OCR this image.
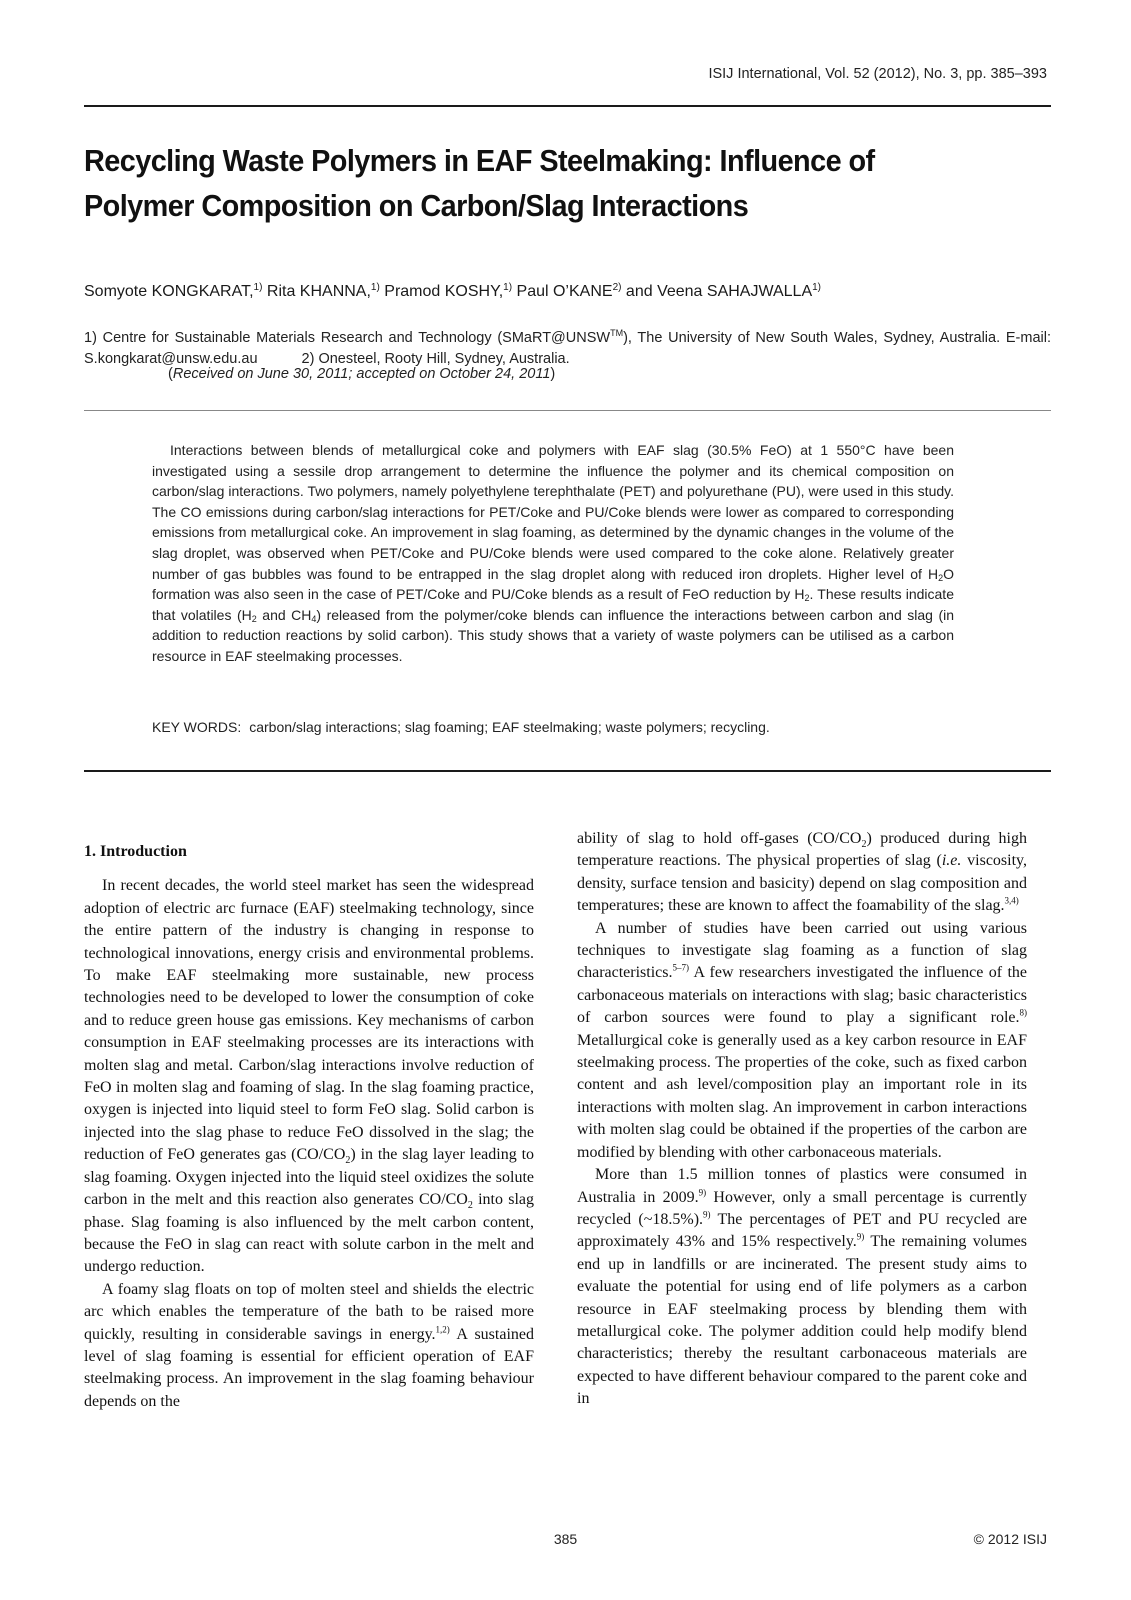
ISIJ International, Vol. 52 (2012), No. 3, pp. 385–393
Recycling Waste Polymers in EAF Steelmaking: Influence of
Polymer Composition on Carbon/Slag Interactions
Somyote KONGKARAT,$^{1)}$ Rita KHANNA,$^{1)}$ Pramod KOSHY,$^{1)}$ Paul O’KANE$^{2)}$ and Veena SAHAJWALLA$^{1)}$

1) Centre for Sustainable Materials Research and Technology (SMaRT@UNSW™), The University of New South Wales, Sydney, Australia. E-mail: S.kongkarat@unsw.edu.au	2) Onesteel, Rooty Hill, Sydney, Australia.

(Received on June 30, 2011; accepted on October 24, 2011)

Interactions between blends of metallurgical coke and polymers with EAF slag (30.5% FeO) at 1 550°C have been investigated using a sessile drop arrangement to determine the influence the polymer and its chemical composition on carbon/slag interactions. Two polymers, namely polyethylene terephthalate (PET) and polyurethane (PU), were used in this study. The CO emissions during carbon/slag interactions for PET/Coke and PU/Coke blends were lower as compared to corresponding emissions from metallurgical coke. An improvement in slag foaming, as determined by the dynamic changes in the volume of the slag droplet, was observed when PET/Coke and PU/Coke blends were used compared to the coke alone. Relatively greater number of gas bubbles was found to be entrapped in the slag droplet along with reduced iron droplets. Higher level of $H_2O$ formation was also seen in the case of PET/Coke and PU/Coke blends as a result of FeO reduction by $H_2$. These results indicate that volatiles ($H_2$ and $CH_4$) released from the polymer/coke blends can influence the interactions between carbon and slag (in addition to reduction reactions by solid carbon). This study shows that a variety of waste polymers can be utilised as a carbon resource in EAF steelmaking processes.

KEY WORDS: carbon/slag interactions; slag foaming; EAF steelmaking; waste polymers; recycling.
1. Introduction

In recent decades, the world steel market has seen the widespread adoption of electric arc furnace (EAF) steelmaking technology, since the entire pattern of the industry is changing in response to technological innovations, energy crisis and environmental problems. To make EAF steelmaking more sustainable, new process technologies need to be developed to lower the consumption of coke and to reduce green house gas emissions. Key mechanisms of carbon consumption in EAF steelmaking processes are its interactions with molten slag and metal. Carbon/slag interactions involve reduction of FeO in molten slag and foaming of slag. In the slag foaming practice, oxygen is injected into liquid steel to form FeO slag. Solid carbon is injected into the slag phase to reduce FeO dissolved in the slag; the reduction of FeO generates gas $(CO/CO_2)$ in the slag layer leading to slag foaming. Oxygen injected into the liquid steel oxidizes the solute carbon in the melt and this reaction also generates $CO/CO_2$ into slag phase. Slag foaming is also influenced by the melt carbon content, because the FeO in slag can react with solute carbon in the melt and undergo reduction.

A foamy slag floats on top of molten steel and shields the electric arc which enables the temperature of the bath to be raised more quickly, resulting in considerable savings in energy.$^{1,2)}$ A sustained level of slag foaming is essential for efficient operation of EAF steelmaking process. An improvement in the slag foaming behaviour depends on the

ability of slag to hold off-gases $(CO/CO_2)$ produced during high temperature reactions. The physical properties of slag (i.e. viscosity, density, surface tension and basicity) depend on slag composition and temperatures; these are known to affect the foamability of the slag.$^{3,4)}$

A number of studies have been carried out using various techniques to investigate slag foaming as a function of slag characteristics.$^{5-7)}$ A few researchers investigated the influence of the carbonaceous materials on interactions with slag; basic characteristics of carbon sources were found to play a significant role.$^{8)}$ Metallurgical coke is generally used as a key carbon resource in EAF steelmaking process. The properties of the coke, such as fixed carbon content and ash level/composition play an important role in its interactions with molten slag. An improvement in carbon interactions with molten slag could be obtained if the properties of the carbon are modified by blending with other carbonaceous materials.

More than 1.5 million tonnes of plastics were consumed in Australia in 2009.$^{9)}$ However, only a small percentage is currently recycled (~18.5%).$^{9)}$ The percentages of PET and PU recycled are approximately 43% and 15% respectively.$^{9)}$ The remaining volumes end up in landfills or are incinerated. The present study aims to evaluate the potential for using end of life polymers as a carbon resource in EAF steelmaking process by blending them with metallurgical coke. The polymer addition could help modify blend characteristics; thereby the resultant carbonaceous materials are expected to have different behaviour compared to the parent coke and in

385	© 2012 ISIJ
